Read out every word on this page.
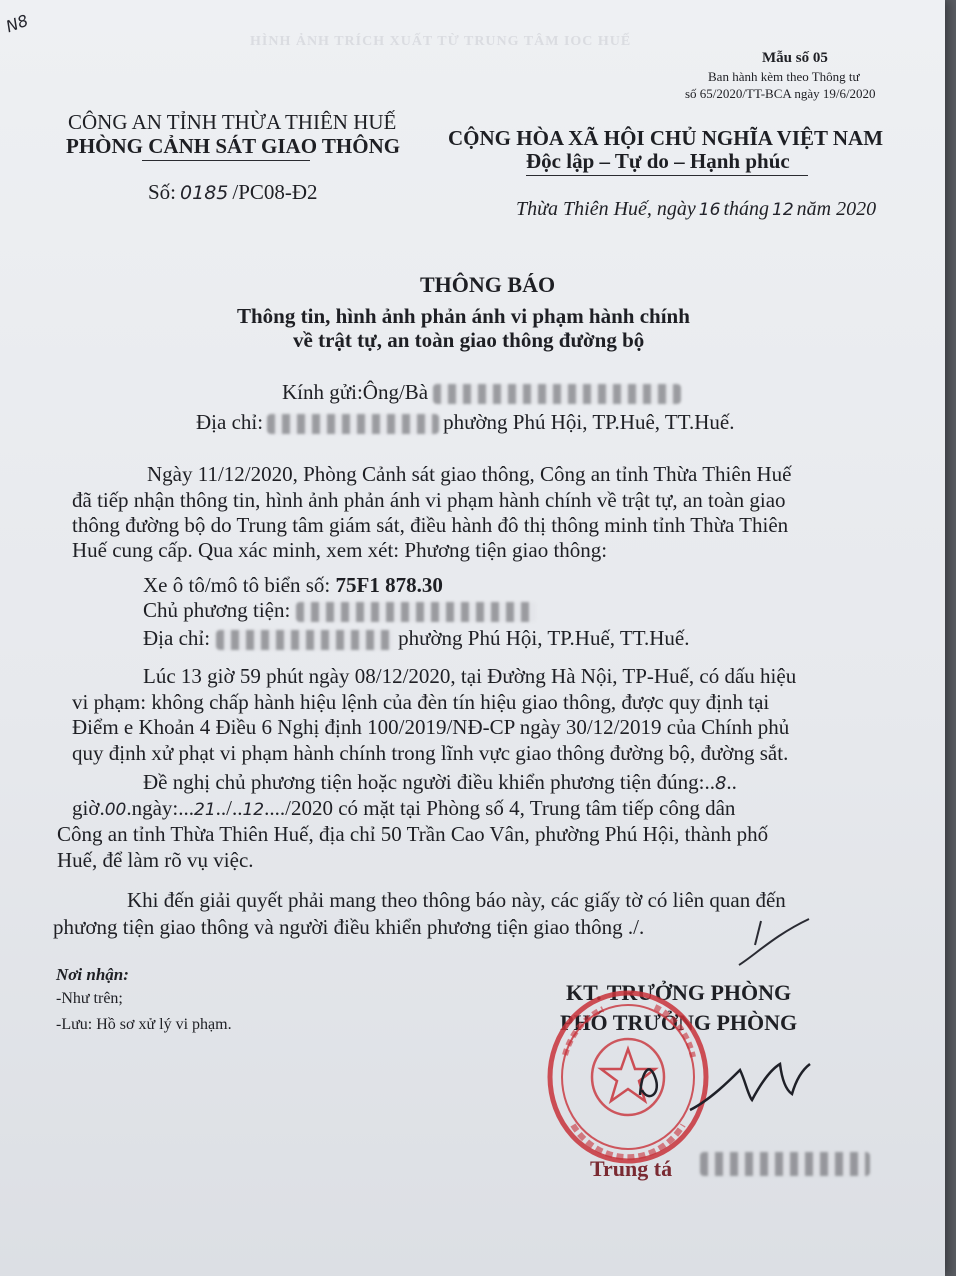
N8
HÌNH ẢNH TRÍCH XUẤT TỪ TRUNG TÂM IOC HUẾ
Mẫu số 05
Ban hành kèm theo Thông tư
số 65/2020/TT-BCA ngày 19/6/2020
CÔNG AN TỈNH THỪA THIÊN HUẾ
PHÒNG CẢNH SÁT GIAO THÔNG
Số: 0185 /PC08-Đ2
CỘNG HÒA XÃ HỘI CHỦ NGHĨA VIỆT NAM
Độc lập – Tự do – Hạnh phúc
Thừa Thiên Huế, ngày 16 tháng 12 năm 2020
THÔNG BÁO
Thông tin, hình ảnh phản ánh vi phạm hành chính
về trật tự, an toàn giao thông đường bộ
Kính gửi:Ông/Bà
Địa chỉ:	phường Phú Hội, TP.Huê, TT.Huế.
Ngày 11/12/2020, Phòng Cảnh sát giao thông, Công an tỉnh Thừa Thiên Huế
đã tiếp nhận thông tin, hình ảnh phản ánh vi phạm hành chính về trật tự, an toàn giao
thông đường bộ do Trung tâm giám sát, điều hành đô thị thông minh tỉnh Thừa Thiên
Huế cung cấp. Qua xác minh, xem xét: Phương tiện giao thông:
Xe ô tô/mô tô biển số: 75F1 878.30
Chủ phương tiện:
Địa chỉ:	phường Phú Hội, TP.Huế, TT.Huế.
Lúc 13 giờ 59 phút ngày 08/12/2020, tại Đường Hà Nội, TP-Huế, có dấu hiệu
vi phạm: không chấp hành hiệu lệnh của đèn tín hiệu giao thông, được quy định tại
Điểm e Khoản 4 Điều 6 Nghị định 100/2019/NĐ-CP ngày 30/12/2019 của Chính phủ
quy định xử phạt vi phạm hành chính trong lĩnh vực giao thông đường bộ, đường sắt.
Đề nghị chủ phương tiện hoặc người điều khiển phương tiện đúng:..8..
giờ.00.ngày:...21../..12..../2020 có mặt tại Phòng số 4, Trung tâm tiếp công dân
Công an tỉnh Thừa Thiên Huế, địa chỉ 50 Trần Cao Vân, phường Phú Hội, thành phố
Huế, để làm rõ vụ việc.
Khi đến giải quyết phải mang theo thông báo này, các giấy tờ có liên quan đến
phương tiện giao thông và người điều khiển phương tiện giao thông ./.
Nơi nhận:
-Như trên;
-Lưu: Hồ sơ xử lý vi phạm.
KT. TRƯỞNG PHÒNG
PHÓ TRƯỞNG PHÒNG
Trung tá
